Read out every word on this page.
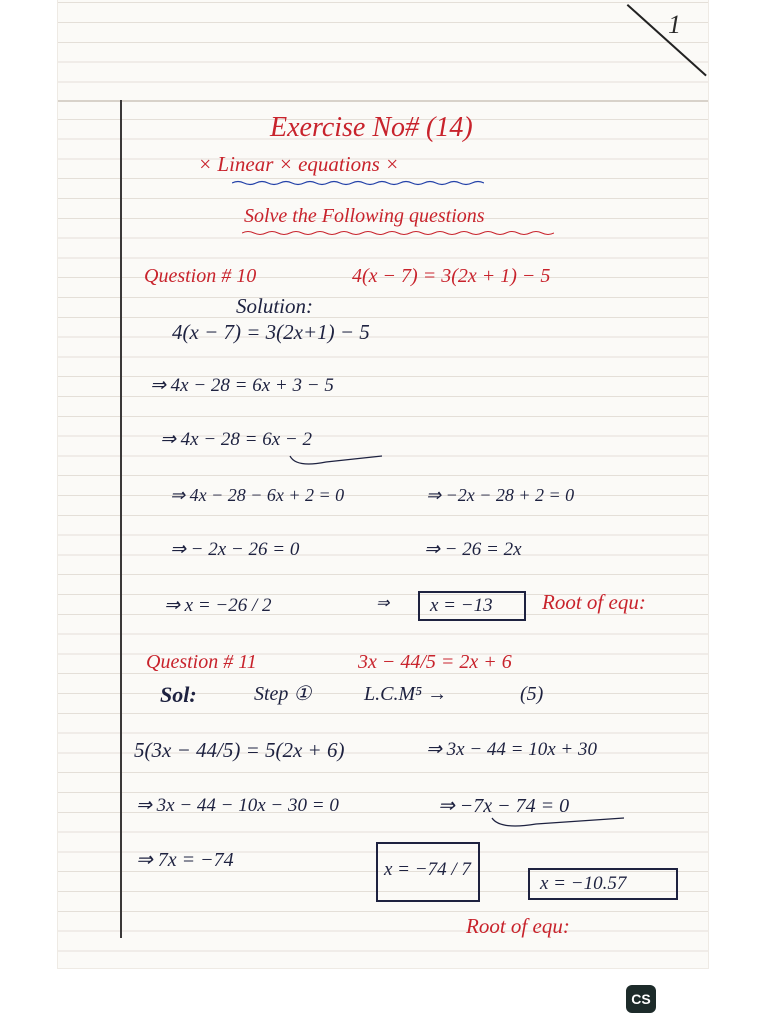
1
Exercise No# (14)
× Linear × equations ×
Solve the Following questions
Question # 10	4(x − 7) = 3(2x + 1) − 5
Solution:
4(x − 7) = 3(2x+1) − 5
⇒ 4x − 28 = 6x + 3 − 5
⇒ 4x − 28 = 6x − 2
⇒ 4x − 28 − 6x + 2 = 0	⇒ −2x − 28 + 2 = 0
⇒ − 2x − 26 = 0	⇒ − 26 = 2x
⇒ x = −26 / 2	⇒ x = −13 Root of equ:
Question # 11	3x − 44/5 = 2x + 6
Sol:	Step ①	L.C.M⁵ →	(5)
5(3x − 44/5) = 5(2x + 6)	⇒ 3x − 44 = 10x + 30
⇒ 3x − 44 − 10x − 30 = 0	⇒ −7x − 74 = 0
⇒ 7x = −74	x = −74 / 7
x = −10.57
Root of equ:
CS
